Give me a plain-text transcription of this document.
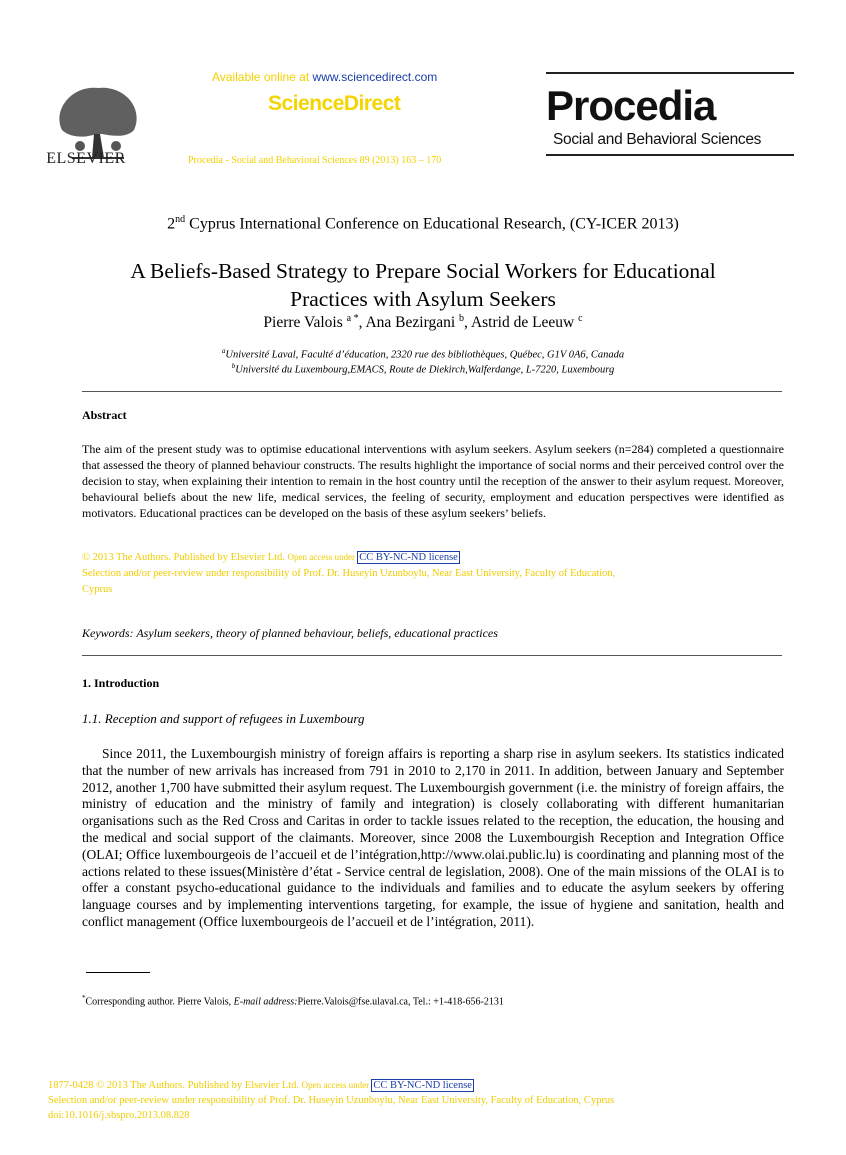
ELSEVIER
Available online at www.sciencedirect.com
ScienceDirect
Procedia - Social and Behavioral Sciences 89 (2013) 163 – 170
Procedia
Social and Behavioral Sciences
2nd Cyprus International Conference on Educational Research, (CY-ICER 2013)
A Beliefs-Based Strategy to Prepare Social Workers for Educational
Practices with Asylum Seekers
Pierre Valois $^{a *}$, Ana Bezirgani $^b$, Astrid de Leeuw $^c$
$^a$Université Laval, Faculté d’éducation, 2320 rue des bibliothèques, Québec, G1V 0A6, Canada
$^b$Université du Luxembourg,EMACS, Route de Diekirch,Walferdange, L-7220, Luxembourg
Abstract
The aim of the present study was to optimise educational interventions with asylum seekers. Asylum seekers (n=284) completed a questionnaire that assessed the theory of planned behaviour constructs. The results highlight the importance of social norms and their perceived control over the decision to stay, when explaining their intention to remain in the host country until the reception of the answer to their asylum request. Moreover, behavioural beliefs about the new life, medical services, the feeling of security, employment and education perspectives were identified as motivators. Educational practices can be developed on the basis of these asylum seekers’ beliefs.
© 2013 The Authors. Published by Elsevier Ltd. Open access under CC BY-NC-ND license
Selection and/or peer-review under responsibility of Prof. Dr. Huseyin Uzunboylu, Near East University, Faculty of Education,
Cyprus
Keywords: Asylum seekers, theory of planned behaviour, beliefs, educational practices
1. Introduction
1.1. Reception and support of refugees in Luxembourg
Since 2011, the Luxembourgish ministry of foreign affairs is reporting a sharp rise in asylum seekers. Its statistics indicated that the number of new arrivals has increased from 791 in 2010 to 2,170 in 2011. In addition, between January and September 2012, another 1,700 have submitted their asylum request. The Luxembourgish government (i.e. the ministry of foreign affairs, the ministry of education and the ministry of family and integration) is closely collaborating with different humanitarian organisations such as the Red Cross and Caritas in order to tackle issues related to the reception, the education, the housing and the medical and social support of the claimants. Moreover, since 2008 the Luxembourgish Reception and Integration Office (OLAI; Office luxembourgeois de l’accueil et de l’intégration,http://www.olai.public.lu) is coordinating and planning most of the actions related to these issues(Ministère d’état - Service central de legislation, 2008). One of the main missions of the OLAI is to offer a constant psycho-educational guidance to the individuals and families and to educate the asylum seekers by offering language courses and by implementing interventions targeting, for example, the issue of hygiene and sanitation, health and conflict management (Office luxembourgeois de l’accueil et de l’intégration, 2011).
*Corresponding author. Pierre Valois, E-mail address:Pierre.Valois@fse.ulaval.ca, Tel.: +1-418-656-2131
1877-0428 © 2013 The Authors. Published by Elsevier Ltd. Open access under CC BY-NC-ND license
Selection and/or peer-review under responsibility of Prof. Dr. Huseyin Uzunboylu, Near East University, Faculty of Education, Cyprus
doi:10.1016/j.sbspro.2013.08.828
